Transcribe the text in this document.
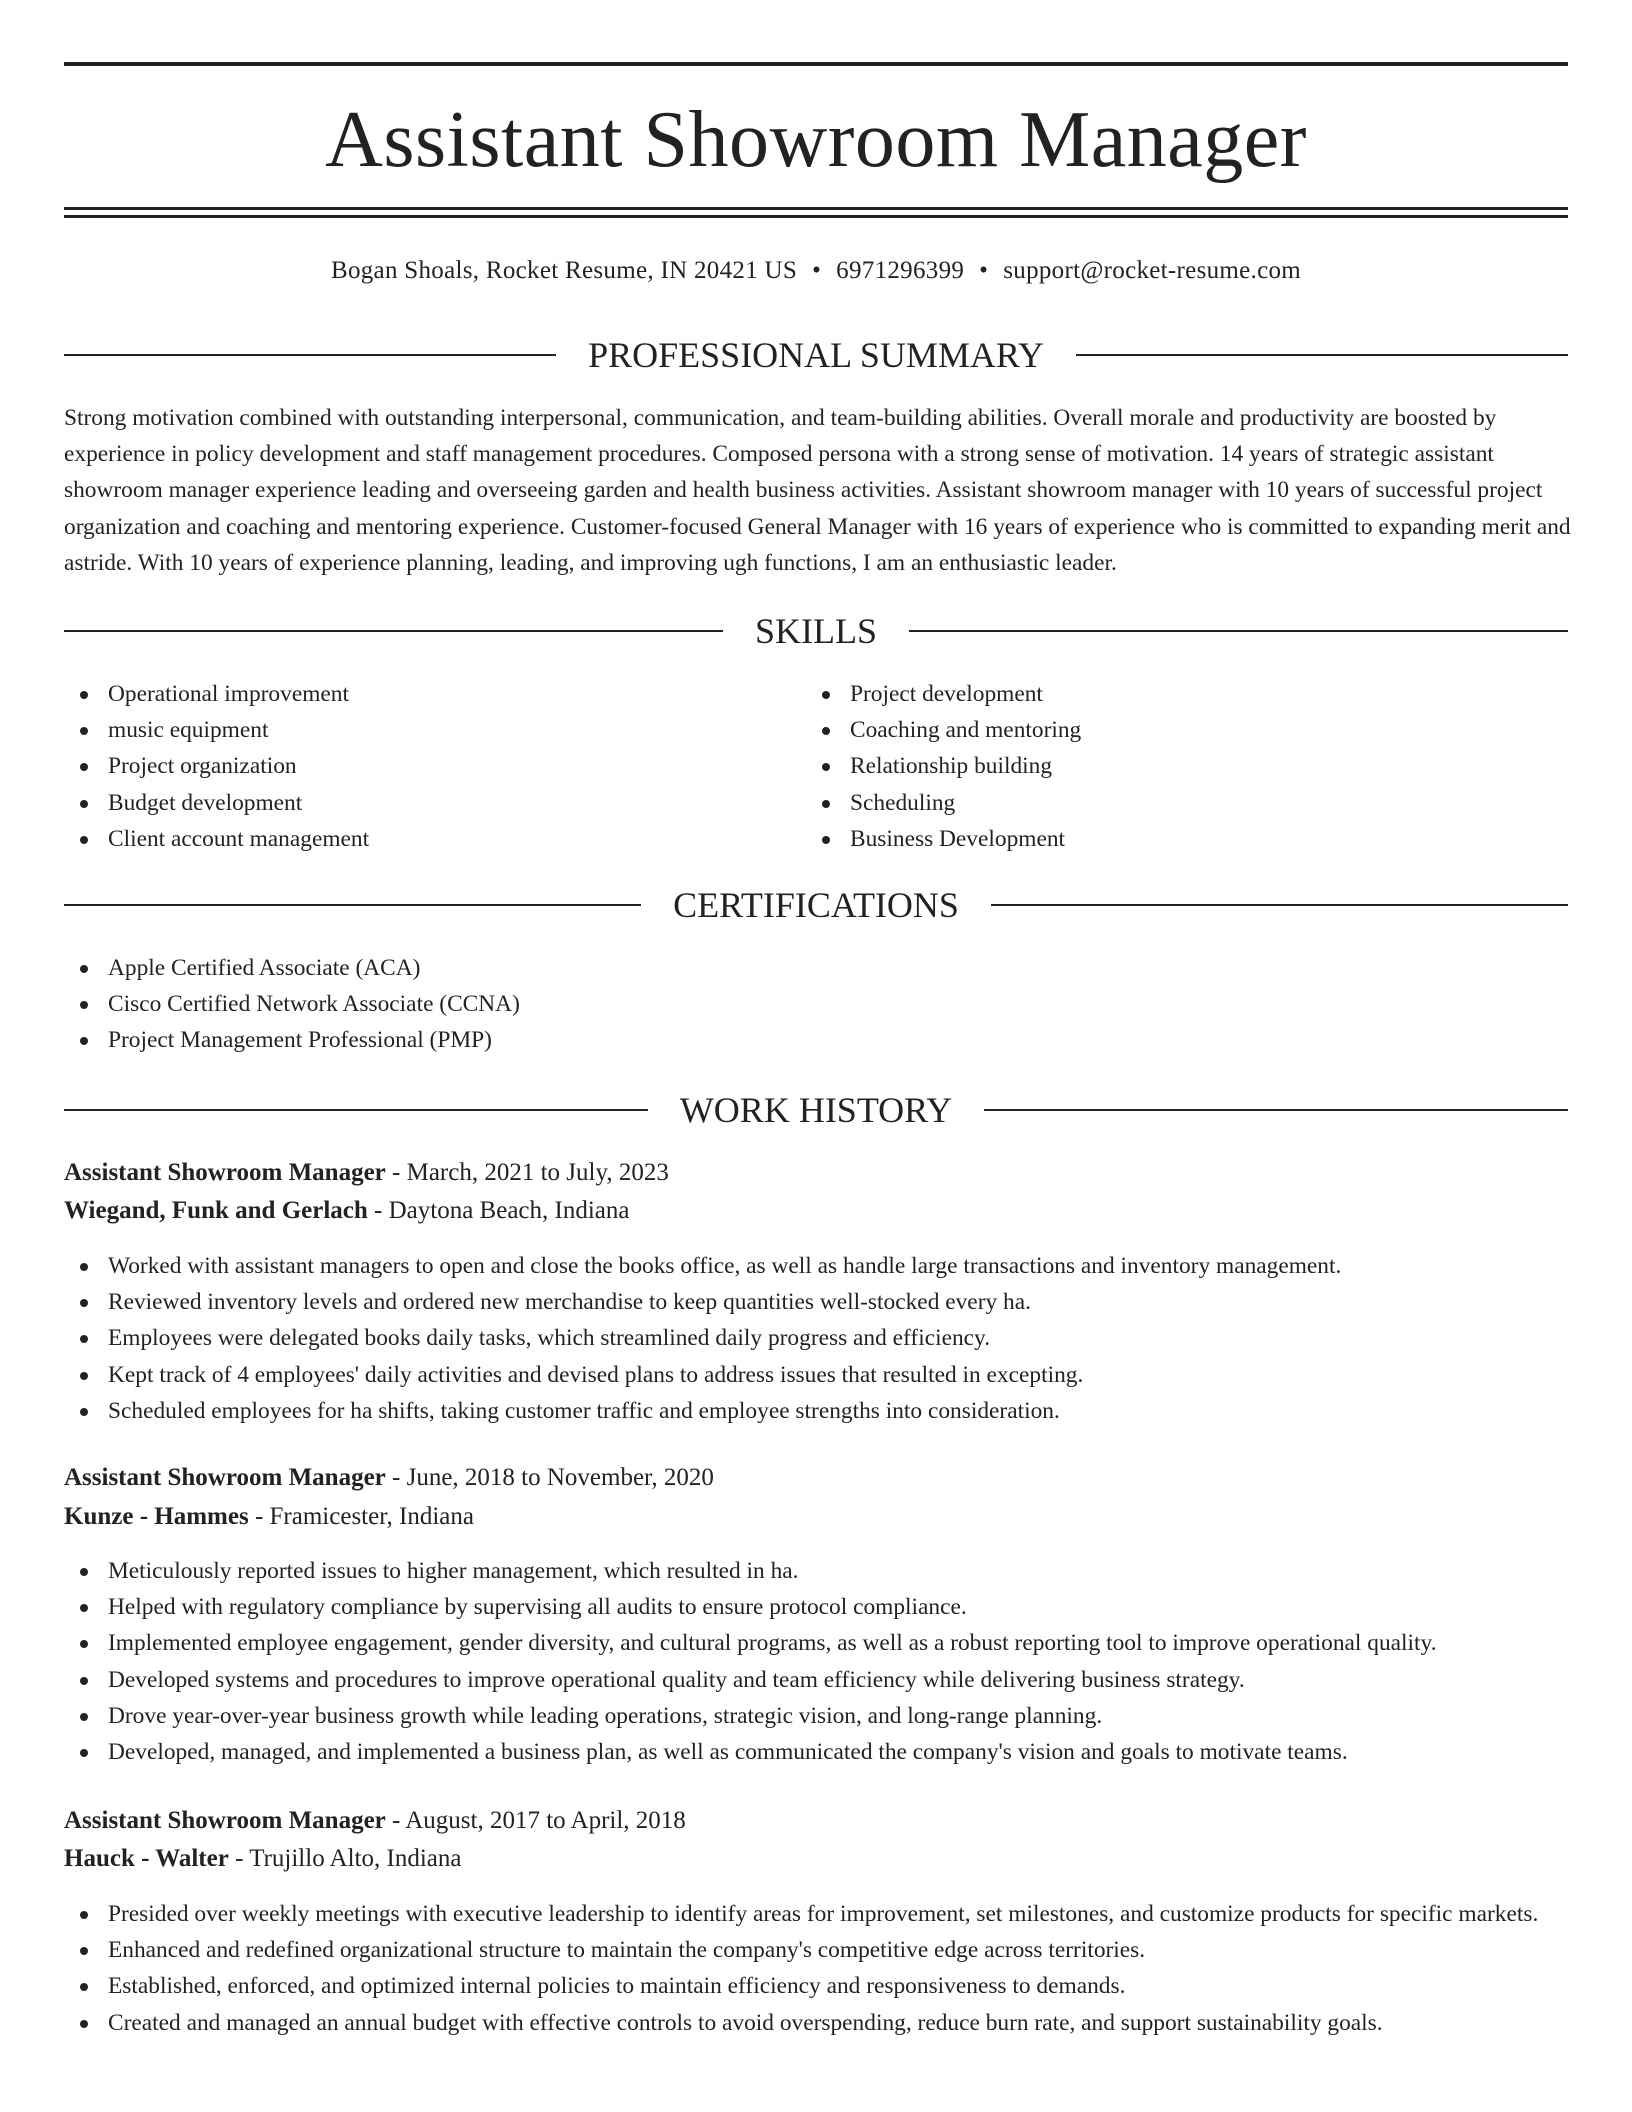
Assistant Showroom Manager
Bogan Shoals, Rocket Resume, IN 20421 US • 6971296399 • support@rocket-resume.com
PROFESSIONAL SUMMARY
Strong motivation combined with outstanding interpersonal, communication, and team-building abilities. Overall morale and productivity are boosted by experience in policy development and staff management procedures. Composed persona with a strong sense of motivation. 14 years of strategic assistant showroom manager experience leading and overseeing garden and health business activities. Assistant showroom manager with 10 years of successful project organization and coaching and mentoring experience. Customer-focused General Manager with 16 years of experience who is committed to expanding merit and astride. With 10 years of experience planning, leading, and improving ugh functions, I am an enthusiastic leader.
SKILLS
Operational improvement
music equipment
Project organization
Budget development
Client account management
Project development
Coaching and mentoring
Relationship building
Scheduling
Business Development
CERTIFICATIONS
Apple Certified Associate (ACA)
Cisco Certified Network Associate (CCNA)
Project Management Professional (PMP)
WORK HISTORY
Assistant Showroom Manager - March, 2021 to July, 2023
Wiegand, Funk and Gerlach - Daytona Beach, Indiana
Worked with assistant managers to open and close the books office, as well as handle large transactions and inventory management.
Reviewed inventory levels and ordered new merchandise to keep quantities well-stocked every ha.
Employees were delegated books daily tasks, which streamlined daily progress and efficiency.
Kept track of 4 employees' daily activities and devised plans to address issues that resulted in excepting.
Scheduled employees for ha shifts, taking customer traffic and employee strengths into consideration.
Assistant Showroom Manager - June, 2018 to November, 2020
Kunze - Hammes - Framicester, Indiana
Meticulously reported issues to higher management, which resulted in ha.
Helped with regulatory compliance by supervising all audits to ensure protocol compliance.
Implemented employee engagement, gender diversity, and cultural programs, as well as a robust reporting tool to improve operational quality.
Developed systems and procedures to improve operational quality and team efficiency while delivering business strategy.
Drove year-over-year business growth while leading operations, strategic vision, and long-range planning.
Developed, managed, and implemented a business plan, as well as communicated the company's vision and goals to motivate teams.
Assistant Showroom Manager - August, 2017 to April, 2018
Hauck - Walter - Trujillo Alto, Indiana
Presided over weekly meetings with executive leadership to identify areas for improvement, set milestones, and customize products for specific markets.
Enhanced and redefined organizational structure to maintain the company's competitive edge across territories.
Established, enforced, and optimized internal policies to maintain efficiency and responsiveness to demands.
Created and managed an annual budget with effective controls to avoid overspending, reduce burn rate, and support sustainability goals.
